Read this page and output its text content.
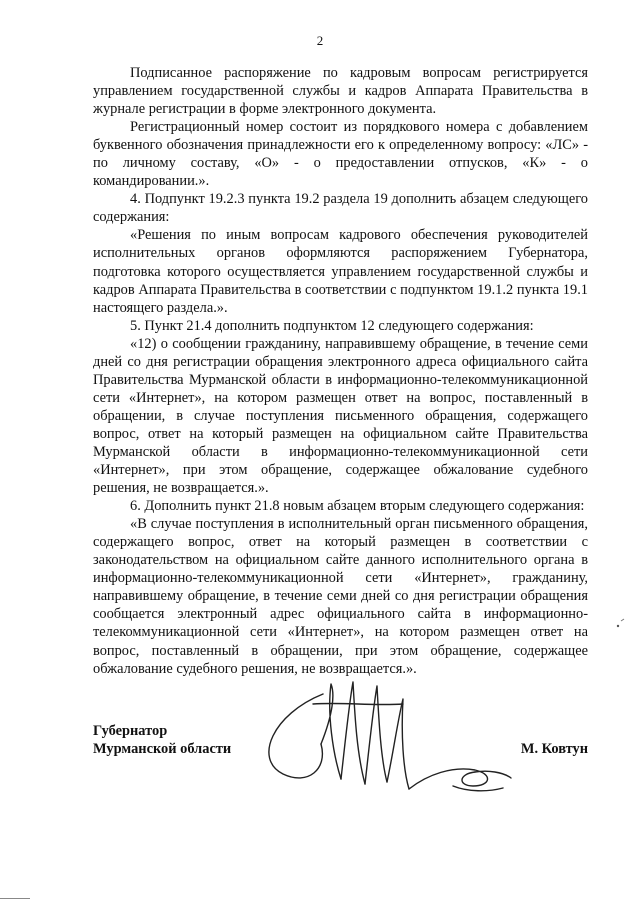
2

Подписанное распоряжение по кадровым вопросам регистрируется управлением государственной службы и кадров Аппарата Правительства в журнале регистрации в форме электронного документа.

Регистрационный номер состоит из порядкового номера с добавлением буквенного обозначения принадлежности его к определенному вопросу: «ЛС» - по личному составу, «О» - о предоставлении отпусков, «К» - о командировании.».

4. Подпункт 19.2.3 пункта 19.2 раздела 19 дополнить абзацем следующего содержания:

«Решения по иным вопросам кадрового обеспечения руководителей исполнительных органов оформляются распоряжением Губернатора, подготовка которого осуществляется управлением государственной службы и кадров Аппарата Правительства в соответствии с подпунктом 19.1.2 пункта 19.1 настоящего раздела.».

5. Пункт 21.4 дополнить подпунктом 12 следующего содержания:

«12) о сообщении гражданину, направившему обращение, в течение семи дней со дня регистрации обращения электронного адреса официального сайта Правительства Мурманской области в информационно-телекоммуникационной сети «Интернет», на котором размещен ответ на вопрос, поставленный в обращении, в случае поступления письменного обращения, содержащего вопрос, ответ на который размещен на официальном сайте Правительства Мурманской области в информационно-телекоммуникационной сети «Интернет», при этом обращение, содержащее обжалование судебного решения, не возвращается.».

6. Дополнить пункт 21.8 новым абзацем вторым следующего содержания:

«В случае поступления в исполнительный орган письменного обращения, содержащего вопрос, ответ на который размещен в соответствии с законодательством на официальном сайте данного исполнительного органа в информационно-телекоммуникационной сети «Интернет», гражданину, направившему обращение, в течение семи дней со дня регистрации обращения сообщается электронный адрес официального сайта в информационно-телекоммуникационной сети «Интернет», на котором размещен ответ на вопрос, поставленный в обращении, при этом обращение, содержащее обжалование судебного решения, не возвращается.».

Губернатор
Мурманской области	М. Ковтун
